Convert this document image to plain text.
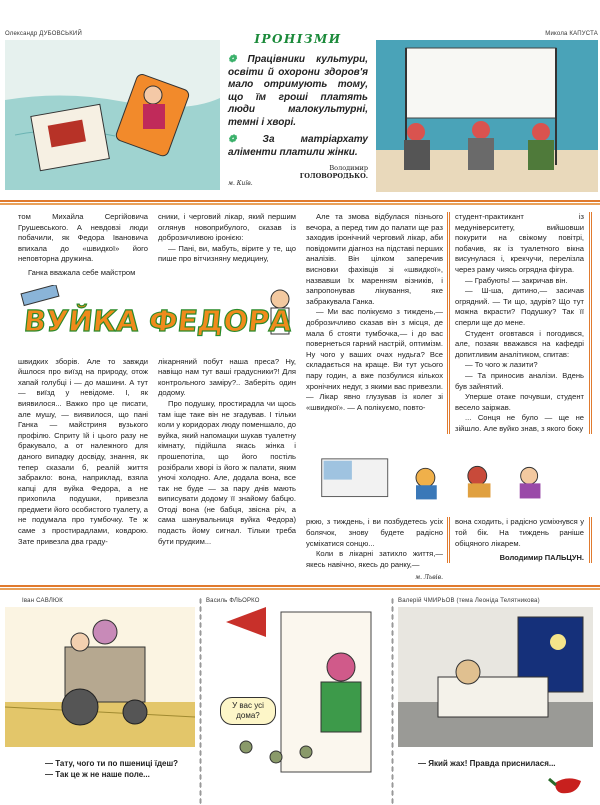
Олександр ДУБОВСЬКИЙ	ІРОНІЗМИ

❁ Працівники культури, освіти й охорони здоров'я мало отримують тому, що їм гроші платять люди малокультурні, темні і хворі.

❁ За матріархату аліменти платили жінки.

Володимир
ГОЛОВОРОДЬКО.
м. Київ.
Микола КАПУСТА

том Михайла Сергійовича Грушевського. А невдовзі люди побачили, як Федора Івановича впихала до «швидкої» його неповторна дружина.

Ганка вважала себе майстром

сники, і черговий лікар, який першим оглянув новоприбулого, сказав із доброзичливою іронією:

— Пані, ви, мабуть, вірите у те, що пише про вітчизняну медицину,

ВУЙКА ФЕДОРА

швидких зборів. Але то завжди йшлося про виїзд на природу, отож хапай голубці і — до машини. А тут — виїзд у невідоме. І, як виявилося... Важко про це писати, але мушу, — виявилося, що пані Ганка — майстриня вузького профілю. Сприту їй і цього разу не бракувало, а от належного для даного випадку досвіду, знання, як тепер сказали б, реалій життя забракло: вона, наприклад, взяла капці для вуйка Федора, а не прихопила подушки, привезла предмети його особистого туалету, а не подумала про тумбочку. Те ж саме з простирадлами, ковдрою. Зате привезла два граду-

лікарняний побут наша преса? Ну, навіщо нам тут ваші градусники?! Для контрольного заміру?.. Заберіть один додому.

Про подушку, простирадла чи щось там іще таке він не згадував. І тільки коли у коридорах люду поменшало, до вуйка, який напомацки шукав туалетну кімнату, підійшла якась жінка і прошепотіла, що його постіль розібрали хворі із його ж палати, яким уночі холодно. Але, додала вона, все так не буде — за пару днів мають виписувати додому її знайому бабцю. Отоді вона (не бабця, звісна річ, а сама шанувальниця вуйка Федора) подасть йому сигнал. Тільки треба бути прудким...

Але та змова відбулася пізнього вечора, а перед тим до палати ще раз заходив іронічний черговий лікар, аби повідомити діагноз на підставі перших аналізів. Він цілком заперечив висновки фахівців зі «швидкої», назвавши їх маренням візників, і запропонував лікування, яке забракувала Ганка.

— Ми вас полікуємо з тиждень,— доброзичливо сказав він з місця, де мала б стояти тумбочка,— і до вас повернеться гарний настрій, оптимізм. Ну чого у ваших очах нудьга? Все складається на краще. Ви тут усього пару годин, а вже позбулися кількох хронічних недуг, з якими вас привезли. — Лікар явно глузував із колег зі «швидкої». — А полікуємо, повто-

студент-практикант із медуніверситету, вийшовши покурити на свіжому повітрі, побачив, як із туалетного вікна висунулася і, крекчучи, перелізла через раму чиясь огрядна фігура.

— Грабують! — закричав він.

— Ш-ша, дитино,— засичав огрядний. — Ти що, здурів? Що тут можна вкрасти? Подушку? Так її сперли ще до мене.

Студент оговтався і погодився, але, позаяк вважався на кафедрі допитливим аналітиком, спитав:

— То чого ж лазити?

— Та приносив аналізи. Вдень був зайнятий.

Уперше отаке почувши, студент весело заіржав.

... Сонця не було — ще не зійшло. Але вуйко знав, з якого боку

рюю, з тиждень, і ви позбудетесь усіх болячок, знову будете радісно усміхатися сонцю...

Коли в лікарні затихло життя,— якесь навічно, якесь до ранку,—

м. Львів.

вона сходить, і радісно усміхнувся у той бік. На тиждень раніше обіцяного лікарем.

Володимир ПАЛЬЦУН.
Іван САВЛЮК
— Тату, чого ти по пшениці їдеш?
— Так це ж не наше поле...
Василь ФЛЬОРКО
У вас усі дома?
Валерій ЧМИРЬОВ (тема Леоніда Телятникова)
— Який жах! Правда приснилася...
